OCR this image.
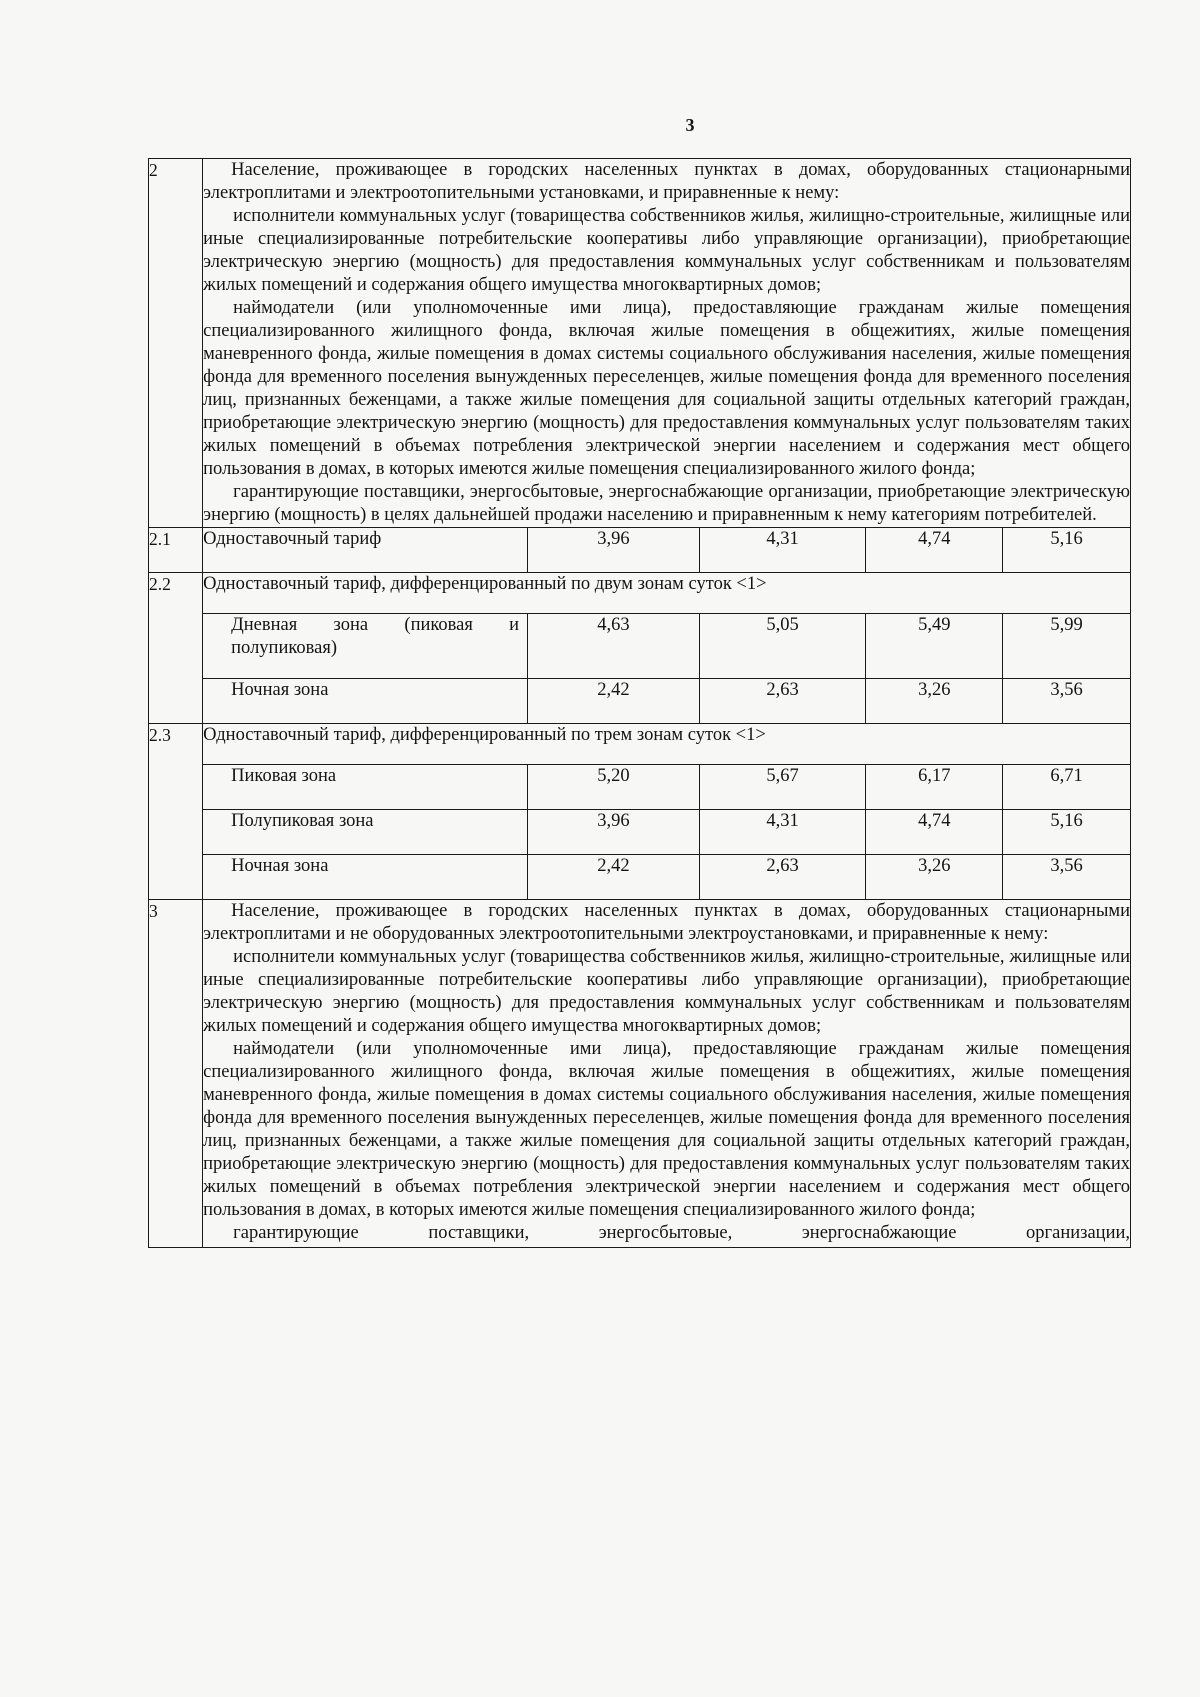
3
2	Население, проживающее в городских населенных пунктах в домах, оборудованных стационарными электроплитами и электроотопительными установками, и приравненные к нему:

исполнители коммунальных услуг (товарищества собственников жилья, жилищно-строительные, жилищные или иные специализированные потребительские кооперативы либо управляющие организации), приобретающие электрическую энергию (мощность) для предоставления коммунальных услуг собственникам и пользователям жилых помещений и содержания общего имущества многоквартирных домов;

наймодатели (или уполномоченные ими лица), предоставляющие гражданам жилые помещения специализированного жилищного фонда, включая жилые помещения в общежитиях, жилые помещения маневренного фонда, жилые помещения в домах системы социального обслуживания населения, жилые помещения фонда для временного поселения вынужденных переселенцев, жилые помещения фонда для временного поселения лиц, признанных беженцами, а также жилые помещения для социальной защиты отдельных категорий граждан, приобретающие электрическую энергию (мощность) для предоставления коммунальных услуг пользователям таких жилых помещений в объемах потребления электрической энергии населением и содержания мест общего пользования в домах, в которых имеются жилые помещения специализированного жилого фонда;

гарантирующие поставщики, энергосбытовые, энергоснабжающие организации, приобретающие электрическую энергию (мощность) в целях дальнейшей продажи населению и приравненным к нему категориям потребителей.				

2.1	Одноставочный тариф	3,96	4,31	4,74	5,16
2.2	Одноставочный тариф, дифференцированный по двум зонам суток <1>				
	Дневная зона (пиковая и полупиковая)	4,63	5,05	5,49	5,99
	Ночная зона	2,42	2,63	3,26	3,56
2.3	Одноставочный тариф, дифференцированный по трем зонам суток <1>				
	Пиковая зона	5,20	5,67	6,17	6,71
	Полупиковая зона	3,96	4,31	4,74	5,16
	Ночная зона	2,42	2,63	3,26	3,56
3	Население, проживающее в городских населенных пунктах в домах, оборудованных стационарными электроплитами и не оборудованных электроотопительными электроустановками, и приравненные к нему:

исполнители коммунальных услуг (товарищества собственников жилья, жилищно-строительные, жилищные или иные специализированные потребительские кооперативы либо управляющие организации), приобретающие электрическую энергию (мощность) для предоставления коммунальных услуг собственникам и пользователям жилых помещений и содержания общего имущества многоквартирных домов;

наймодатели (или уполномоченные ими лица), предоставляющие гражданам жилые помещения специализированного жилищного фонда, включая жилые помещения в общежитиях, жилые помещения маневренного фонда, жилые помещения в домах системы социального обслуживания населения, жилые помещения фонда для временного поселения вынужденных переселенцев, жилые помещения фонда для временного поселения лиц, признанных беженцами, а также жилые помещения для социальной защиты отдельных категорий граждан, приобретающие электрическую энергию (мощность) для предоставления коммунальных услуг пользователям таких жилых помещений в объемах потребления электрической энергии населением и содержания мест общего пользования в домах, в которых имеются жилые помещения специализированного жилого фонда;

гарантирующие поставщики, энергосбытовые, энергоснабжающие организации,				
